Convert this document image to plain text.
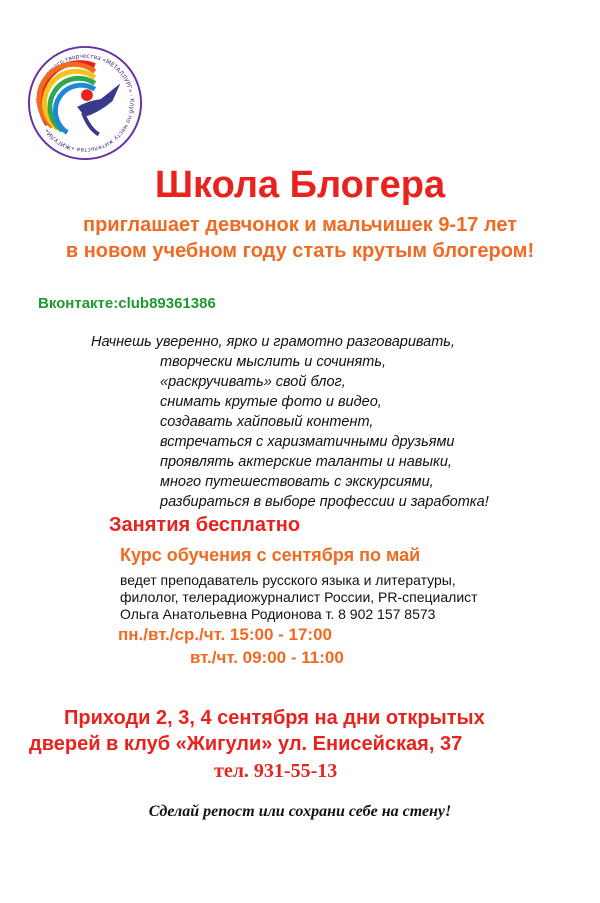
Центр детского творчества «МЕТАЛЛУРГ» · Клуб по месту жительства «ЖИГУЛИ»
Школа Блогера
приглашает девчонок и мальчишек 9-17 лет
в новом учебном году стать крутым блогером!
Вконтакте:club89361386
Начнешь уверенно, ярко и грамотно разговаривать,
творчески мыслить и сочинять,
«раскручивать» свой блог,
снимать крутые фото и видео,
создавать хайповый контент,
встречаться с харизматичными друзьями
проявлять актерские таланты и навыки,
много путешествовать с экскурсиями,
разбираться в выборе профессии и заработка!
Занятия бесплатно
Курс обучения с сентября по май
ведет преподаватель русского языка и литературы,
филолог, телерадиожурналист России, PR-специалист
Ольга Анатольевна Родионова т. 8 902 157 8573
пн./вт./ср./чт. 15:00 - 17:00
вт./чт. 09:00 - 11:00
Приходи 2, 3, 4 сентября на дни открытых
дверей в клуб «Жигули» ул. Енисейская, 37
тел. 931-55-13
Сделай репост или сохрани себе на стену!
